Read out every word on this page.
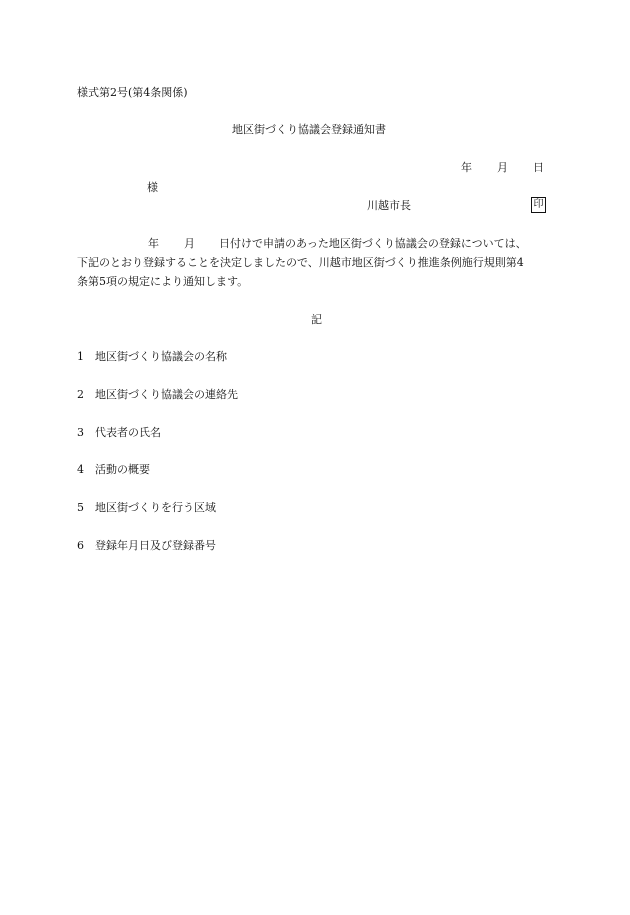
様式第2号(第4条関係)
地区街づくり協議会登録通知書
年 月 日
様
川越市長	印
年 月 日付けで申請のあった地区街づくり協議会の登録については、
下記のとおり登録することを決定しましたので、川越市地区街づくり推進条例施行規則第4
条第5項の規定により通知します。
記
1 地区街づくり協議会の名称
2 地区街づくり協議会の連絡先
3 代表者の氏名
4 活動の概要
5 地区街づくりを行う区域
6 登録年月日及び登録番号
